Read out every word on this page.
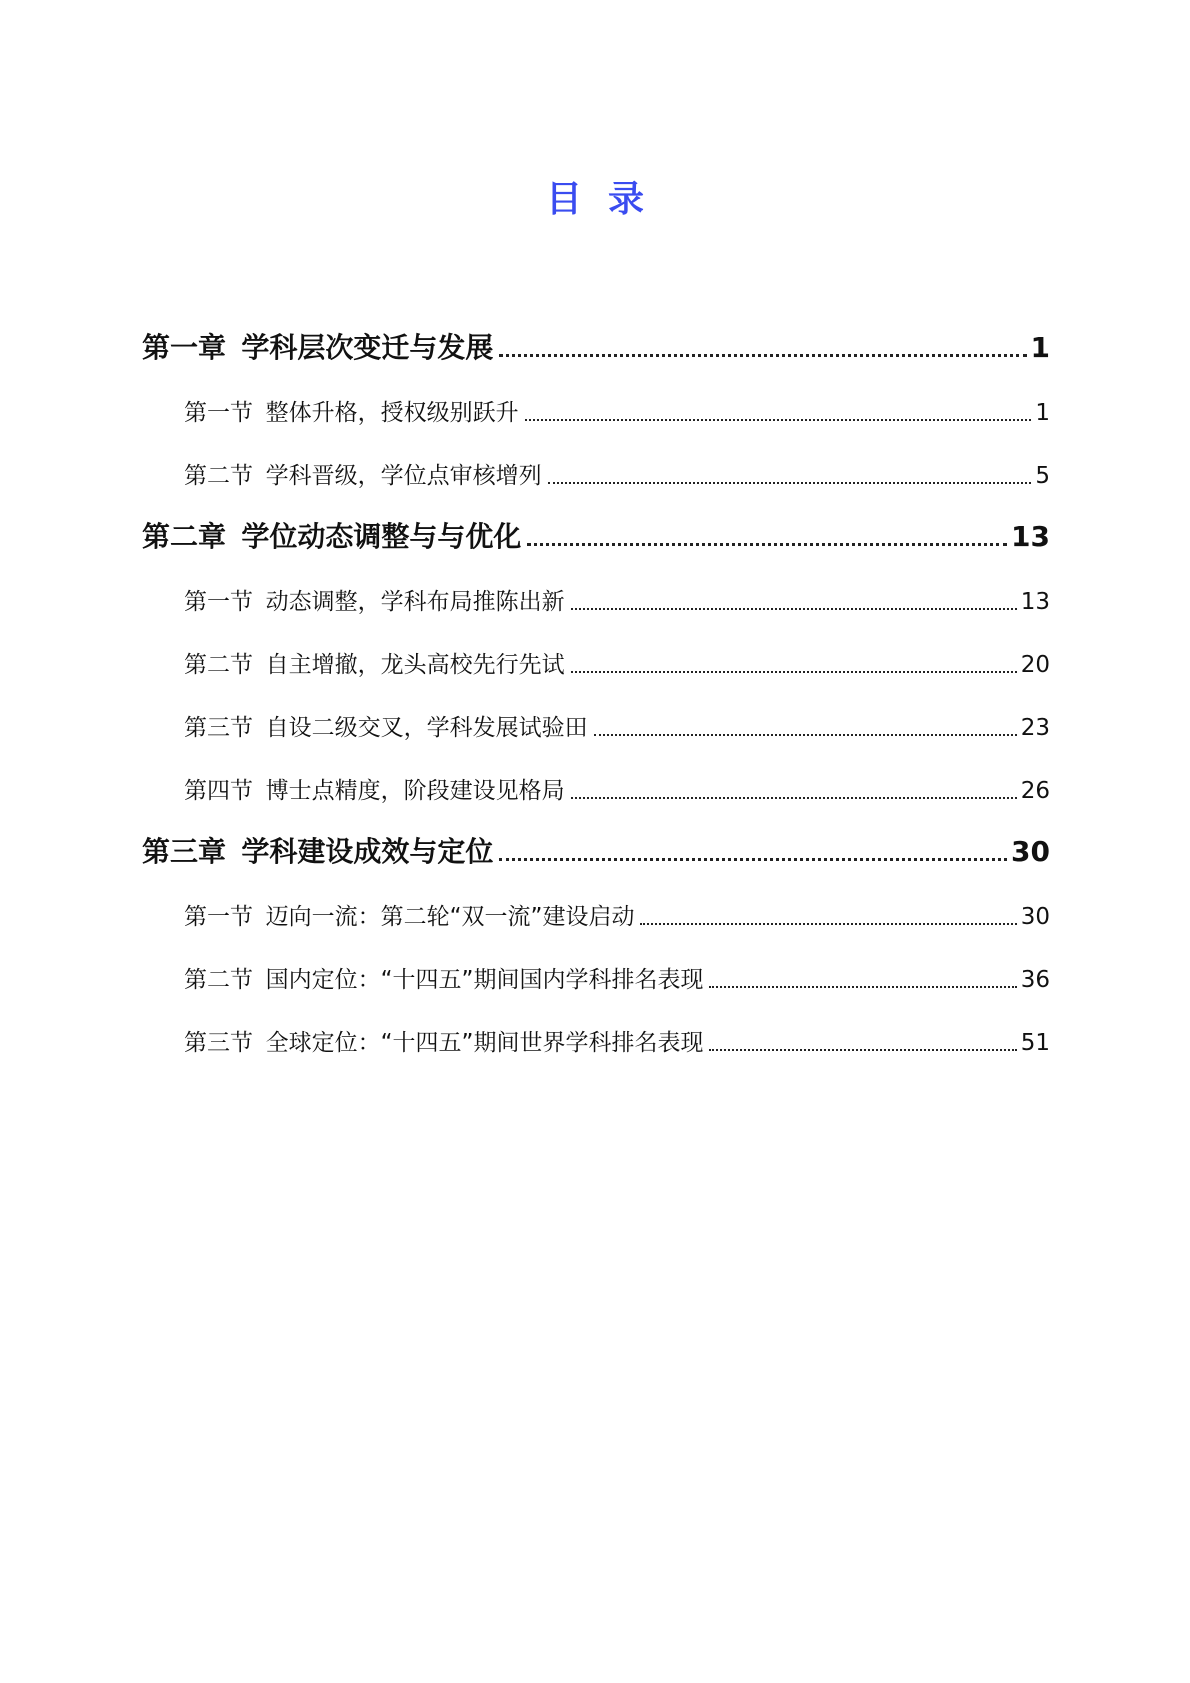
目录
第一章 学科层次变迁与发展	1
第一节 整体升格，授权级别跃升	1
第二节 学科晋级，学位点审核增列	5
第二章 学位动态调整与与优化	13
第一节 动态调整，学科布局推陈出新	13
第二节 自主增撤，龙头高校先行先试	20
第三节 自设二级交叉，学科发展试验田	23
第四节 博士点精度，阶段建设见格局	26
第三章 学科建设成效与定位	30
第一节 迈向一流：第二轮“双一流”建设启动	30
第二节 国内定位：“十四五”期间国内学科排名表现	36
第三节 全球定位：“十四五”期间世界学科排名表现	51
